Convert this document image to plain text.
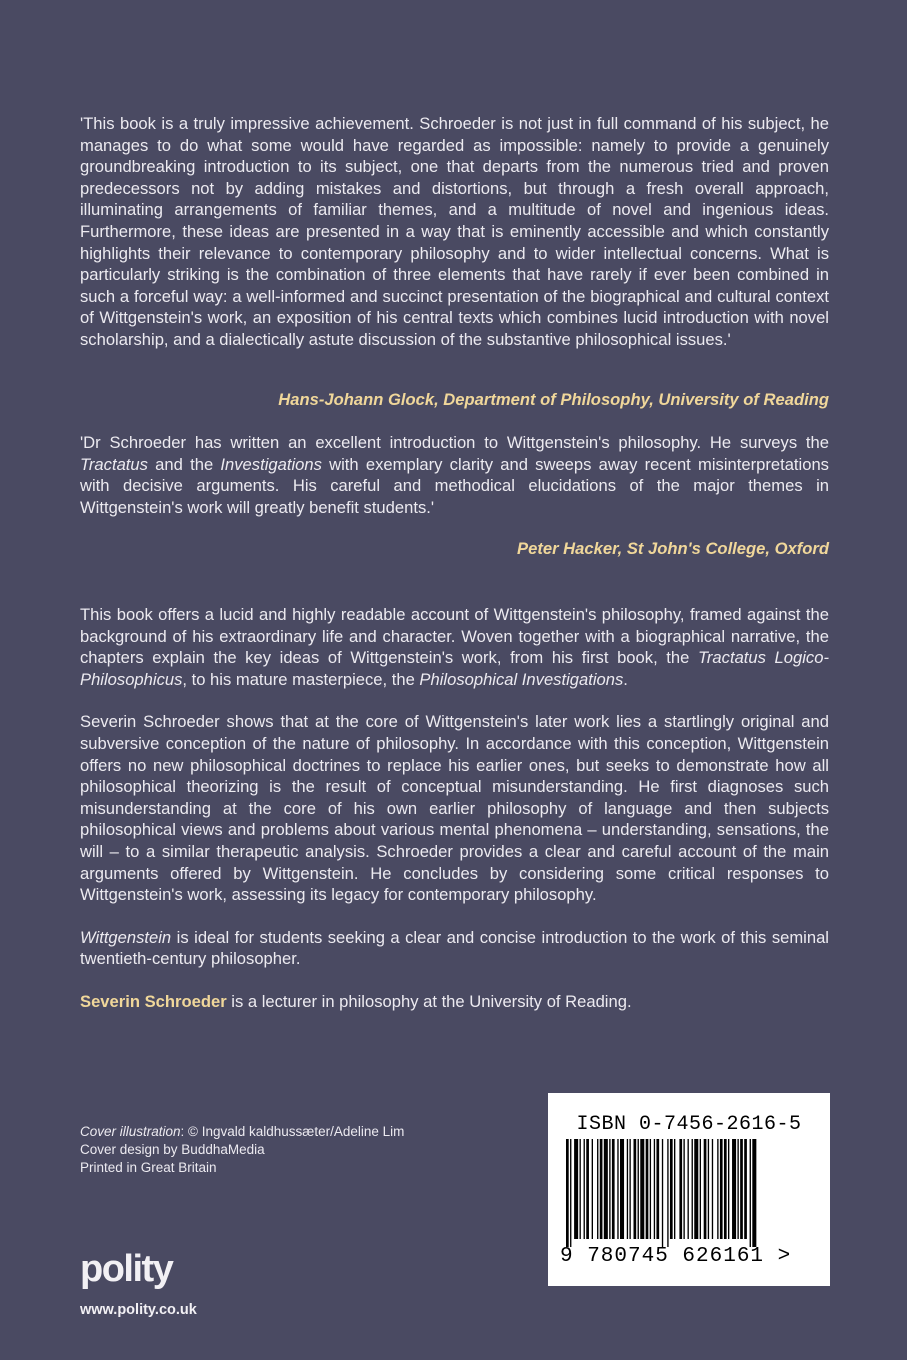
'This book is a truly impressive achievement. Schroeder is not just in full command of his subject, he manages to do what some would have regarded as impossible: namely to provide a genuinely groundbreaking introduction to its subject, one that departs from the numerous tried and proven predecessors not by adding mistakes and distortions, but through a fresh overall approach, illuminating arrangements of familiar themes, and a multitude of novel and ingenious ideas. Furthermore, these ideas are presented in a way that is eminently accessible and which constantly highlights their relevance to contemporary philosophy and to wider intellectual concerns. What is particularly striking is the combination of three elements that have rarely if ever been combined in such a forceful way: a well-informed and succinct presentation of the biographical and cultural context of Wittgenstein's work, an exposition of his central texts which combines lucid introduction with novel scholarship, and a dialectically astute discussion of the substantive philosophical issues.'

Hans-Johann Glock, Department of Philosophy, University of Reading

'Dr Schroeder has written an excellent introduction to Wittgenstein's philosophy. He surveys the Tractatus and the Investigations with exemplary clarity and sweeps away recent misinterpretations with decisive arguments. His careful and methodical elucidations of the major themes in Wittgenstein's work will greatly benefit students.'

Peter Hacker, St John's College, Oxford

This book offers a lucid and highly readable account of Wittgenstein's philosophy, framed against the background of his extraordinary life and character. Woven together with a biographical narrative, the chapters explain the key ideas of Wittgenstein's work, from his first book, the Tractatus Logico-Philosophicus, to his mature masterpiece, the Philosophical Investigations.

Severin Schroeder shows that at the core of Wittgenstein's later work lies a startlingly original and subversive conception of the nature of philosophy. In accordance with this conception, Wittgenstein offers no new philosophical doctrines to replace his earlier ones, but seeks to demonstrate how all philosophical theorizing is the result of conceptual misunderstanding. He first diagnoses such misunderstanding at the core of his own earlier philosophy of language and then subjects philosophical views and problems about various mental phenomena – understanding, sensations, the will – to a similar therapeutic analysis. Schroeder provides a clear and careful account of the main arguments offered by Wittgenstein. He concludes by considering some critical responses to Wittgenstein's work, assessing its legacy for contemporary philosophy.

Wittgenstein is ideal for students seeking a clear and concise introduction to the work of this seminal twentieth-century philosopher.

Severin Schroeder is a lecturer in philosophy at the University of Reading.

Cover illustration: © Ingvald kaldhussæter/Adeline Lim
Cover design by BuddhaMedia
Printed in Great Britain
polity
www.polity.co.uk
ISBN 0-7456-2616-5
9 780745 626161 >
